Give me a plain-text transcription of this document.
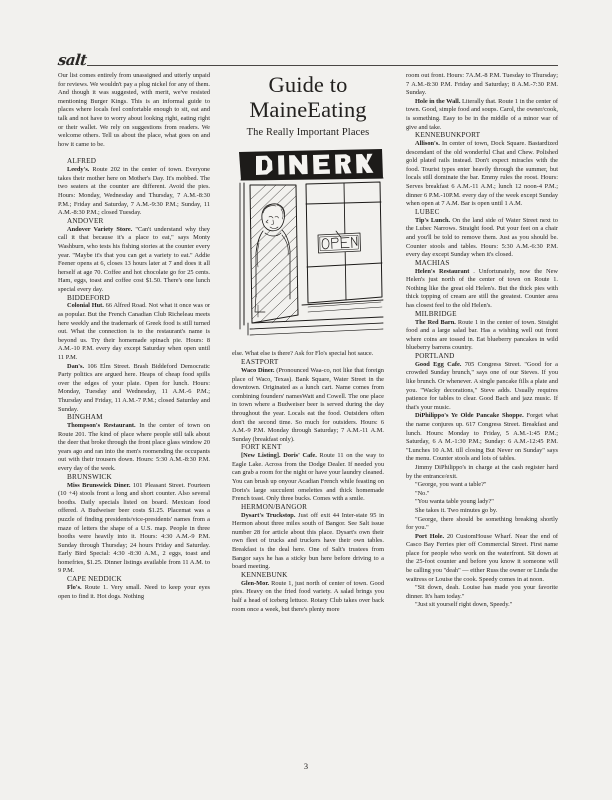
salt

Our list comes entirely from unassigned and utterly unpaid for reviews. We wouldn't pay a plug nickel for any of them. And though it was suggested, with merit, we've resisted mentioning Burger Kings. This is an informal guide to places where locals feel confortable enough to sit, eat and talk and not have to worry about looking right, eating right or their wallet. We rely on suggestions from readers. We welcome others. Tell us about the place, what goes on and how it came to be.

ALFRED

Leedy's. Route 202 in the center of town. Everyone takes their mother here on Mother's Day. It's mobbed. The two seaters at the counter are different. Avoid the pies. Hours: Monday, Wednesday and Thursday, 7 A.M.-8:30 P.M.; Friday and Saturday, 7 A.M.-9:30 P.M.; Sunday, 11 A.M.-8:30 P.M.; closed Tuesday.

ANDOVER

Andover Variety Store. "Can't understand why they call it that because it's a place to eat," says Monty Washburn, who tests his fishing stories at the counter every year. "Maybe it's that you can get a variety to eat." Addie Feener opens at 6, closes 13 hours later at 7 and does it all herself at age 70. Coffee and hot chocolate go for 25 cents. Ham, eggs, toast and coffee cost $1.50. There's one lunch special every day.

BIDDEFORD

Colonial Hut. 66 Alfred Road. Not what it once was or as popular. But the French Canadian Club Richeleau meets here weekly and the trademark of Greek food is still turned out. What the connection is to the restaurant's name is beyond us. Try their homemade spinach pie. Hours: 8 A.M.-10 P.M. every day except Saturday when open until 11 P.M.

Dan's. 106 Elm Street. Brash Biddeford Democratic Party politics are argued here. Heaps of cheap food spills over the edges of your plate. Open for lunch. Hours: Monday, Tuesday and Wednesday, 11 A.M.-6 P.M.; Thursday and Friday, 11 A.M.-7 P.M.; closed Saturday and Sunday.

BINGHAM

Thompson's Restaurant. In the center of town on Route 201. The kind of place where people still talk about the deer that broke through the front place glass window 20 years ago and ran into the men's roomending the occupants out with their trousers down. Hours: 5:30 A.M.-8:30 P.M. every day of the week.

BRUNSWICK

Miss Brunswick Diner. 101 Pleasant Street. Fourteen (10 +4) stools front a long and short counter. Also several booths. Daily specials listed on board. Mexican food offered. A Budweiser beer costs $1.25. Placemat was a puzzle of finding presidents/vice-presidents' names from a maze of letters the shape of a U.S. map. People in three booths were heavily into it. Hours: 4:30 A.M.-9 P.M. Sunday through Thursday; 24 hours Friday and Saturday. Early Bird Special: 4:30 -8:30 A.M., 2 eggs, toast and homefries, $1.25. Dinner listings available from 11 A.M. to 9 P.M.

CAPE NEDDICK

Flo's. Route 1. Very small. Need to keep your eyes open to find it. Hot dogs. Nothing

Guide to
MaineEating
The Really Important Places

else. What else is there? Ask for Flo's special hot sauce.

EASTPORT

Waco Diner. (Pronounced Waa-co, not like that foreign place of Waco, Texas). Bank Square, Water Street in the downtown. Originated as a lunch cart. Name comes from combining founders' namesWatt and Cowell. The one place in town where a Budweiser beer is served during the day throughout the year. Locals eat the food. Outsiders often don't the second time. So much for outsiders. Hours: 6 A.M.-9 P.M. Monday through Saturday; 7 A.M.-11 A.M. Sunday (breakfast only).

FORT KENT

[New Listing]. Doris' Cafe. Route 11 on the way to Eagle Lake. Across from the Dodge Dealer. If needed you can grab a room for the night or have your laundry cleaned. You can brush up onyour Acadian French while feasting on Doris's large succulent omelettes and thick homemade French toast. Only three bucks. Comes with a smile.

HERMON/BANGOR

Dysart's Truckstop. Just off exit 44 Inter-state 95 in Hermon about three miles south of Bangor. See Salt issue number 28 for article about this place. Dysart's own their own fleet of trucks and truckers have their own tables. Breakfast is the deal here. One of Salt's trustees from Bangor says he has a sticky bun here before driving to a board meeting.

KENNEBUNK

Glen-Mor. Route 1, just north of center of town. Good pies. Heavy on the fried food variety. A salad brings you half a head of iceberg lettuce. Rotary Club takes over back room once a week, but there's plenty more

room out front. Hours: 7A.M.-8 P.M. Tuesday to Thursday; 7 A.M.-8:30 P.M. Friday and Saturday; 8 A.M.-7:30 P.M. Sunday.

Hole in the Wall. Literally that. Route 1 in the center of town. Good, simple food and soups. Carol, the owner/cook, is something. Easy to be in the middle of a minor war of give and take.

KENNEBUNKPORT

Allison's. In center of town, Dock Square. Bastardized descendant of the old wonderful Chat and Chew. Polished gold plated rails instead. Don't expect miracles with the food. Tourist types enter heavily through the summer, but locals still dominate the bar. Emmy rules the roost. Hours: Serves breakfast 6 A.M.-11 A.M.; lunch 12 noon-4 P.M.; dinner 6 P.M.-10P.M. every day of the week except Sunday when open at 7 A.M. Bar is open until 1 A.M.

LUBEC

Tip's Lunch. On the land side of Water Street next to the Lubec Narrows. Straight food. Put your feet on a chair and you'll be told to remove them. Just as you should be. Counter stools and tables. Hours: 5:30 A.M.-6:30 P.M. every day except Sunday when it's closed.

MACHIAS

Helen's Restaurant . Unfortunately, now the New Helen's just north of the center of town on Route 1. Nothing like the great old Helen's. But the thick pies with thick topping of cream are still the greatest. Counter area has closest feel to the old Helen's.

MILBRIDGE

The Red Barn. Route 1 in the center of town. Straight food and a large salad bar. Has a wishing well out front where coins are tossed in. Eat blueberry pancakes in wild blueberry barrens country.

PORTLAND

Good Egg Cafe. 705 Congress Street. "Good for a crowded Sunday brunch," says one of our Steves. If you like brunch. Or whenever. A single pancake fills a plate and you. "Wacky decorations," Steve adds. Usually requires patience for tables to clear. Good Bach and jazz music. If that's your music.

DiPhilippo's Ye Olde Pancake Shoppe. Forget what the name conjures up. 617 Congress Street. Breakfast and lunch. Hours: Monday to Friday, 5 A.M.-1:45 P.M.; Saturday, 6 A M.-1:30 P.M.; Sunday: 6 A.M.-12:45 P.M. "Lunches 10 A.M. till closing But Never on Sunday" says the menu. Counter stools and lots of tables.

Jimmy DiPhilippo's in charge at the cash register hard by the entrance/exit.

"George, you want a table?"

"No."

"You wanta table young lady?"

She takes it. Two minutes go by.

"George, there should be something breaking shortly for you."

Port Hole. 20 CustomHouse Wharf. Near the end of Casco Bay Ferries pier off Commercial Street. First name place for people who work on the waterfront. Sit down at the 25-foot counter and before you know it someone will be calling you "deah" — either Russ the owner or Linda the waitress or Louise the cook. Speedy comes in at noon.

"Sit down, deah. Louise has made you your favorite dinner. It's ham today."

"Just sit yourself right down, Speedy."

3
